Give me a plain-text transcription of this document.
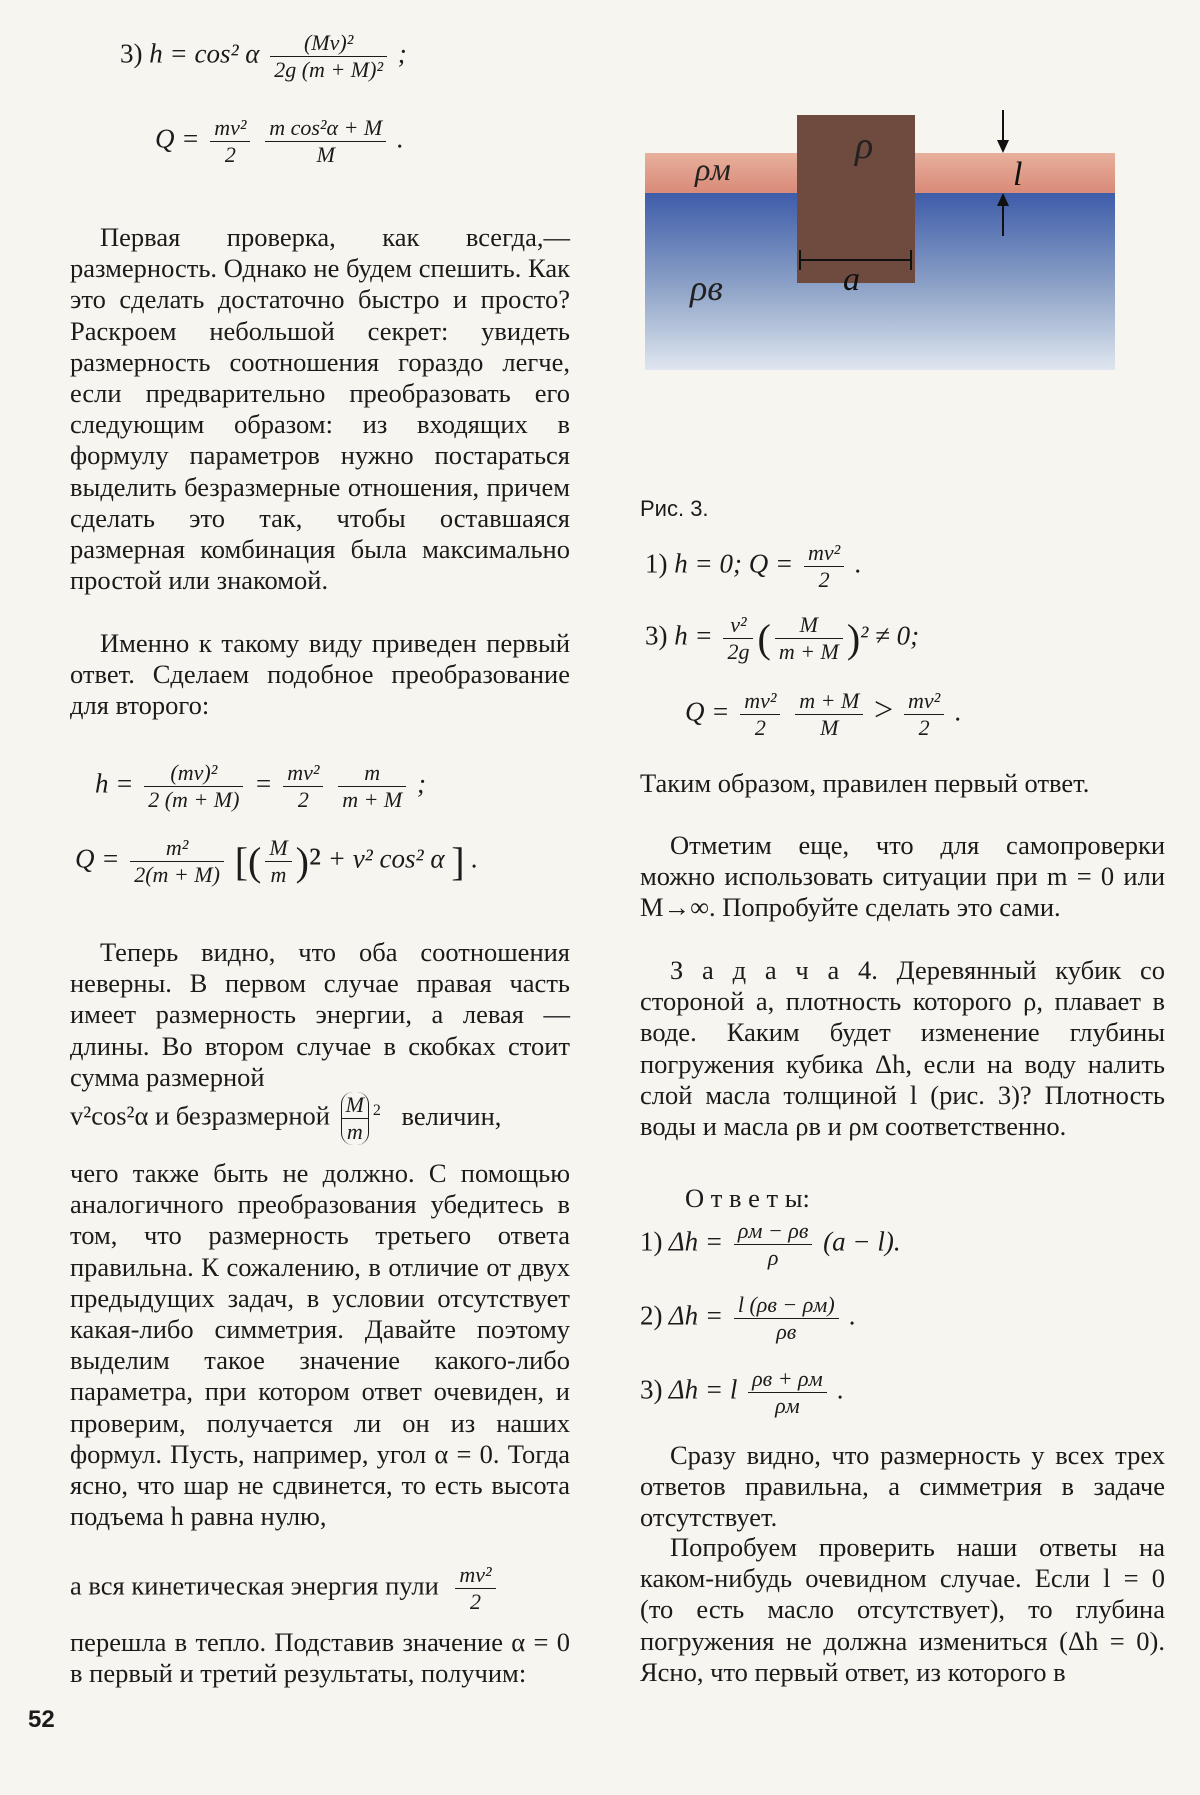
3) h = cos² α $\frac{\text{(Mv)²}}{\text{2g (m + M)²}}$ ;
$Q = \frac{\text{mv²}}{2}$
$\frac{\text{m cos²α + M}}{M}$ .

Первая проверка, как всегда,— размерность. Однако не будем спешить. Как это сделать достаточно быстро и просто? Раскроем небольшой секрет: увидеть размерность соотношения гораздо легче, если предварительно преобразовать его следующим образом: из входящих в формулу параметров нужно постараться выделить безразмерные отношения, причем сделать это так, чтобы оставшаяся размерная комбинация была максимально простой или знакомой.

Именно к такому виду приведен первый ответ. Сделаем подобное преобразование для второго:

$h = \frac{\text{(mv)²}}{2 (m + M)} = \frac{\text{mv²}}{2}$
$\frac{m}{m + M}$ ;
$Q = \frac{\text{m²}}{2(m + M)}$ [( $\frac{M}{m} )^2 + v^2$ cos² α ] .

Теперь видно, что оба соотношения неверны. В первом случае правая часть имеет размерность энергии, а левая — длины. Во втором случае в скобках стоит сумма размерной

v²cos²α и безразмерной $\frac{M}{m} ^2$ величин,

чего также быть не должно. С помощью аналогичного преобразования убедитесь в том, что размерность третьего ответа правильна. К сожалению, в отличие от двух предыдущих задач, в условии отсутствует какая-либо симметрия. Давайте поэтому выделим такое значение какого-либо параметра, при котором ответ очевиден, и проверим, получается ли он из наших формул. Пусть, например, угол α = 0. Тогда ясно, что шар не сдвинется, то есть высота подъема h равна нулю,

а вся кинетическая энергия пули $\frac{\text{mv²}}{2}$

перешла в тепло. Подставив значение α = 0 в первый и третий результаты, получим:

52
ρ
ρм
ρв	a
l
Рис. 3.
1) h = 0; $Q = \frac{\text{mv²}}{2}$ .
3) $h = \frac{\text{v²}}{2g}$ ( $\frac{M}{m + M} )^2 \ne 0$;
$Q = \frac{\text{mv²}}{2}$
$\frac{m + M}{M} > \frac{\text{mv²}}{2}$ .

Таким образом, правилен первый ответ.

Отметим еще, что для самопроверки можно использовать ситуации при m = 0 или M→∞. Попробуйте сделать это сами.

З а д а ч а 4. Деревянный кубик со стороной a, плотность которого ρ, плавает в воде. Каким будет изменение глубины погружения кубика Δh, если на воду налить слой масла толщиной l (рис. 3)? Плотность воды и масла ρв и ρм соответственно.

О т в е т ы:
1) $\Delta h = \frac{\rho м - \rho в}{\rho} (a - l)$.
2) $\Delta h = \frac{l (\rho в - \rho м)}{\rho в}$ .
3) Δh = l $\frac{\rho в + \rho м}{\rho м}$ .

Сразу видно, что размерность у всех трех ответов правильна, а симметрия в задаче отсутствует.

Попробуем проверить наши ответы на каком-нибудь очевидном случае. Если l = 0 (то есть масло отсутствует), то глубина погружения не должна измениться (Δh = 0). Ясно, что первый ответ, из которого в
